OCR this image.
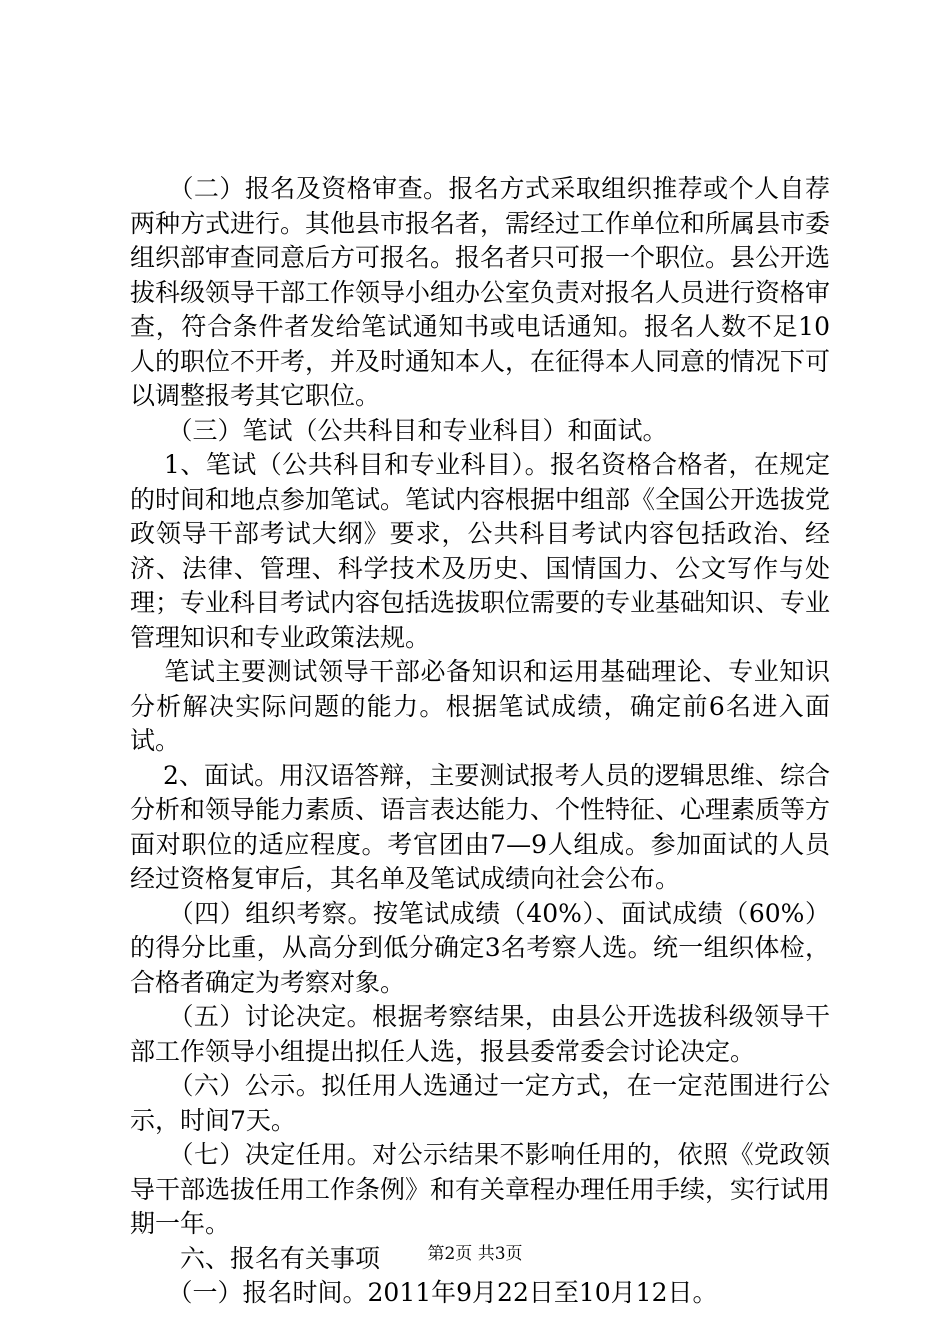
　　（二）报名及资格审查。报名方式采取组织推荐或个人自荐两种方式进行。其他县市报名者，需经过工作单位和所属县市委组织部审查同意后方可报名。报名者只可报一个职位。县公开选拔科级领导干部工作领导小组办公室负责对报名人员进行资格审查，符合条件者发给笔试通知书或电话通知。报名人数不足10人的职位不开考，并及时通知本人，在征得本人同意的情况下可以调整报考其它职位。

　　（三）笔试（公共科目和专业科目）和面试。

　 1、笔试（公共科目和专业科目）。报名资格合格者，在规定的时间和地点参加笔试。笔试内容根据中组部《全国公开选拔党政领导干部考试大纲》要求，公共科目考试内容包括政治、经济、法律、管理、科学技术及历史、国情国力、公文写作与处理；专业科目考试内容包括选拔职位需要的专业基础知识、专业管理知识和专业政策法规。

　 笔试主要测试领导干部必备知识和运用基础理论、专业知识分析解决实际问题的能力。根据笔试成绩，确定前6名进入面试。

　 2、面试。用汉语答辩，主要测试报考人员的逻辑思维、综合分析和领导能力素质、语言表达能力、个性特征、心理素质等方面对职位的适应程度。考官团由7—9人组成。参加面试的人员经过资格复审后，其名单及笔试成绩向社会公布。

　　（四）组织考察。按笔试成绩（40%）、面试成绩（60%）的得分比重，从高分到低分确定3名考察人选。统一组织体检，合格者确定为考察对象。

　　（五）讨论决定。根据考察结果，由县公开选拔科级领导干部工作领导小组提出拟任人选，报县委常委会讨论决定。

　　（六）公示。拟任用人选通过一定方式，在一定范围进行公示，时间7天。

　　（七）决定任用。对公示结果不影响任用的，依照《党政领导干部选拔任用工作条例》和有关章程办理任用手续，实行试用期一年。

　　六、报名有关事项

　　（一）报名时间。2011年9月22日至10月12日。

第2页 共3页
